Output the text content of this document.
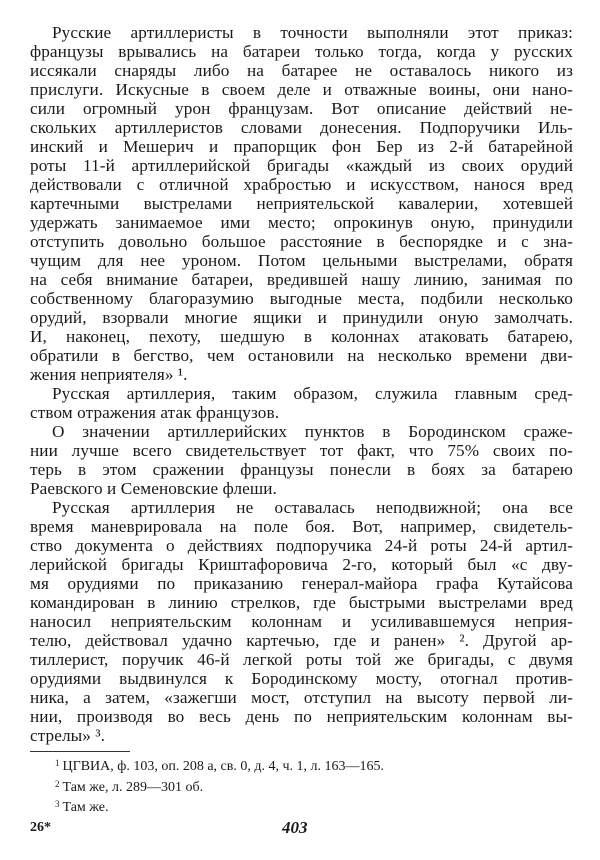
Русские артиллеристы в точности выполняли этот приказ:
французы врывались на батареи только тогда, когда у русских
иссякали снаряды либо на батарее не оставалось никого из
прислуги. Искусные в своем деле и отважные воины, они нано-
сили огромный урон французам. Вот описание действий не-
скольких артиллеристов словами донесения. Подпоручики Иль-
инский и Мешерич и прапорщик фон Бер из 2-й батарейной
роты 11-й артиллерийской бригады «каждый из своих орудий
действовали с отличной храбростью и искусством, нанося вред
картечными выстрелами неприятельской кавалерии, хотевшей
удержать занимаемое ими место; опрокинув оную, принудили
отступить довольно большое расстояние в беспорядке и с зна-
чущим для нее уроном. Потом цельными выстрелами, обратя
на себя внимание батареи, вредившей нашу линию, занимая по
собственному благоразумию выгодные места, подбили несколько
орудий, взорвали многие ящики и принудили оную замолчать.
И, наконец, пехоту, шедшую в колоннах атаковать батарею,
обратили в бегство, чем остановили на несколько времени дви-
жения неприятеля» ¹.
Русская артиллерия, таким образом, служила главным сред-
ством отражения атак французов.
О значении артиллерийских пунктов в Бородинском сраже-
нии лучше всего свидетельствует тот факт, что 75% своих по-
терь в этом сражении французы понесли в боях за батарею
Раевского и Семеновские флеши.
Русская артиллерия не оставалась неподвижной; она все
время маневрировала на поле боя. Вот, например, свидетель-
ство документа о действиях подпоручика 24-й роты 24-й артил-
лерийской бригады Криштафоровича 2-го, который был «с дву-
мя орудиями по приказанию генерал-майора графа Кутайсова
командирован в линию стрелков, где быстрыми выстрелами вред
наносил неприятельским колоннам и усиливавшемуся неприя-
телю, действовал удачно картечью, где и ранен» ². Другой ар-
тиллерист, поручик 46-й легкой роты той же бригады, с двумя
орудиями выдвинулся к Бородинскому мосту, отогнал против-
ника, а затем, «зажегши мост, отступил на высоту первой ли-
нии, производя во весь день по неприятельским колоннам вы-
стрелы» ³.
$^1$ ЦГВИА, ф. 103, оп. 208 а, св. 0, д. 4, ч. 1, л. 163—165.
$^2$ Там же, л. 289—301 об.
$^3$ Там же.
26*	403
